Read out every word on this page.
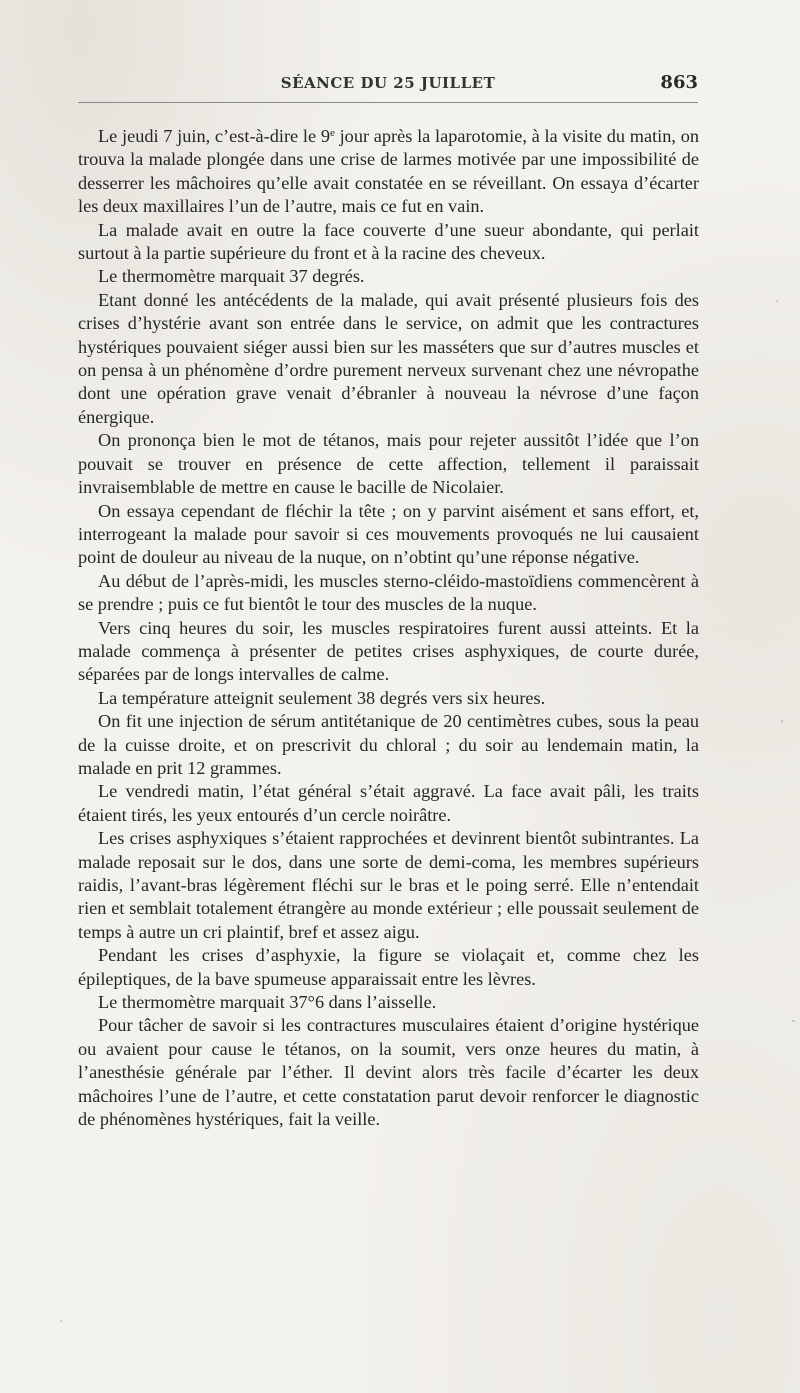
SÉANCE DU 25 JUILLET	863

Le jeudi 7 juin, c’est-à-dire le 9e jour après la laparotomie, à la visite du matin, on trouva la malade plongée dans une crise de larmes motivée par une impossibilité de desserrer les mâchoires qu’elle avait constatée en se réveillant. On essaya d’écarter les deux maxillaires l’un de l’autre, mais ce fut en vain.

La malade avait en outre la face couverte d’une sueur abondante, qui perlait surtout à la partie supérieure du front et à la racine des cheveux.

Le thermomètre marquait 37 degrés.

Etant donné les antécédents de la malade, qui avait présenté plusieurs fois des crises d’hystérie avant son entrée dans le service, on admit que les contractures hystériques pouvaient siéger aussi bien sur les masséters que sur d’autres muscles et on pensa à un phénomène d’ordre purement nerveux survenant chez une névropathe dont une opération grave venait d’ébranler à nouveau la névrose d’une façon énergique.

On prononça bien le mot de tétanos, mais pour rejeter aussitôt l’idée que l’on pouvait se trouver en présence de cette affection, tellement il paraissait invraisemblable de mettre en cause le bacille de Nicolaier.

On essaya cependant de fléchir la tête ; on y parvint aisément et sans effort, et, interrogeant la malade pour savoir si ces mouvements provoqués ne lui causaient point de douleur au niveau de la nuque, on n’obtint qu’une réponse négative.

Au début de l’après-midi, les muscles sterno-cléido-mastoïdiens commencèrent à se prendre ; puis ce fut bientôt le tour des muscles de la nuque.

Vers cinq heures du soir, les muscles respiratoires furent aussi atteints. Et la malade commença à présenter de petites crises asphyxiques, de courte durée, séparées par de longs intervalles de calme.

La température atteignit seulement 38 degrés vers six heures.

On fit une injection de sérum antitétanique de 20 centimètres cubes, sous la peau de la cuisse droite, et on prescrivit du chloral ; du soir au lendemain matin, la malade en prit 12 grammes.

Le vendredi matin, l’état général s’était aggravé. La face avait pâli, les traits étaient tirés, les yeux entourés d’un cercle noirâtre.

Les crises asphyxiques s’étaient rapprochées et devinrent bientôt subintrantes. La malade reposait sur le dos, dans une sorte de demi-coma, les membres supérieurs raidis, l’avant-bras légèrement fléchi sur le bras et le poing serré. Elle n’entendait rien et semblait totalement étrangère au monde extérieur ; elle poussait seulement de temps à autre un cri plaintif, bref et assez aigu.

Pendant les crises d’asphyxie, la figure se violaçait et, comme chez les épileptiques, de la bave spumeuse apparaissait entre les lèvres.

Le thermomètre marquait 37°6 dans l’aisselle.

Pour tâcher de savoir si les contractures musculaires étaient d’origine hystérique ou avaient pour cause le tétanos, on la soumit, vers onze heures du matin, à l’anesthésie générale par l’éther. Il devint alors très facile d’écarter les deux mâchoires l’une de l’autre, et cette constatation parut devoir renforcer le diagnostic de phénomènes hystériques, fait la veille.
